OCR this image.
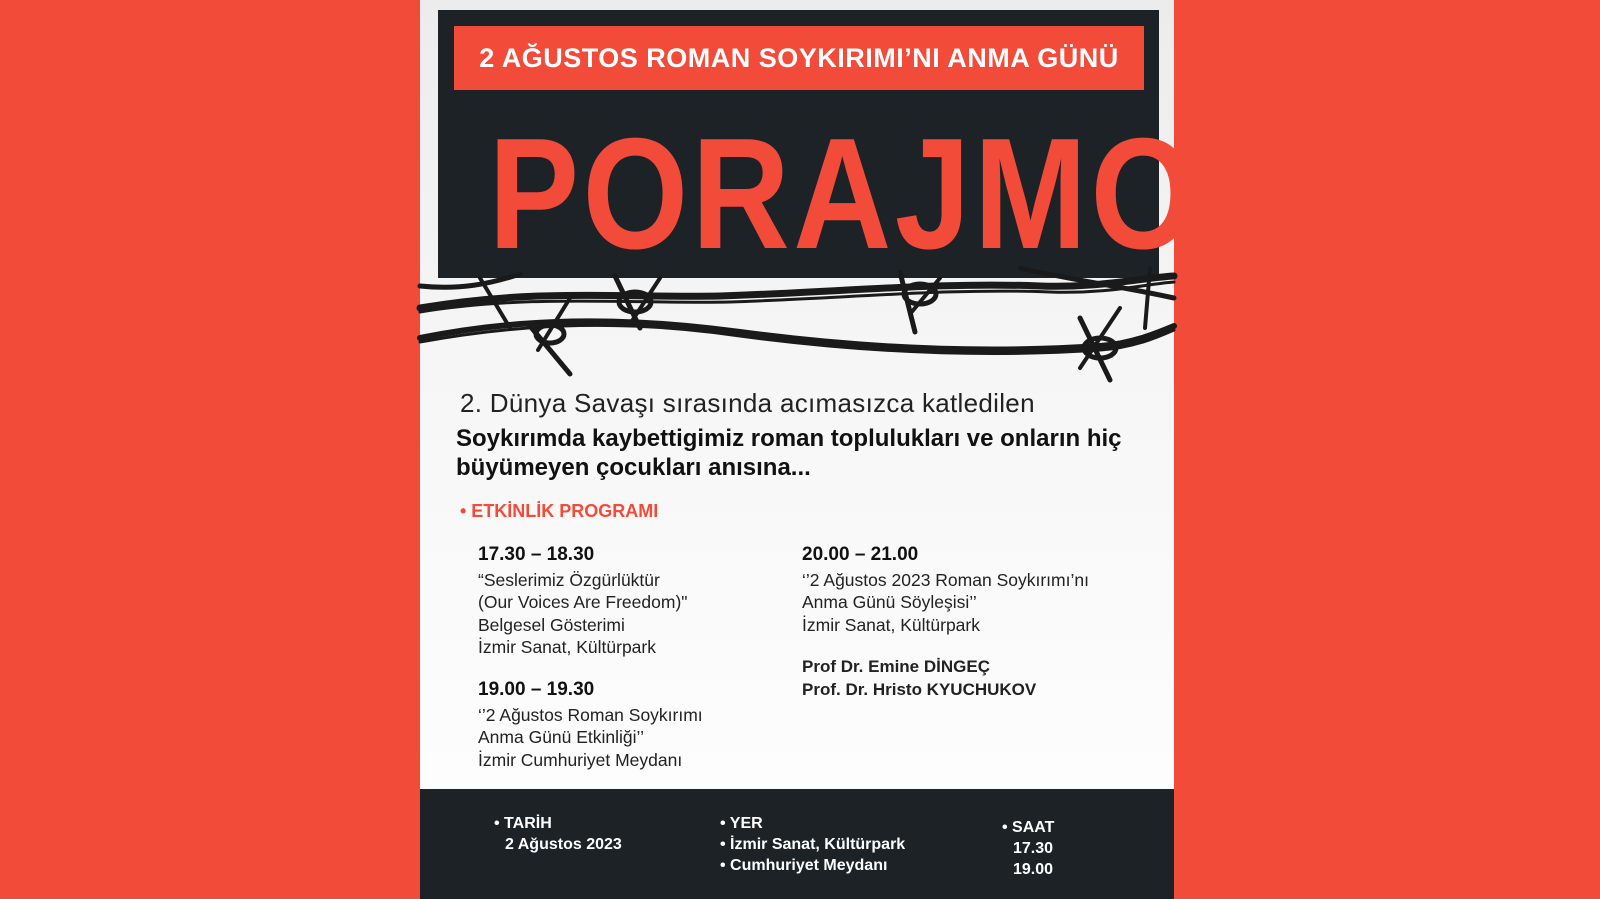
2 AĞUSTOS ROMAN SOYKIRIMI’NI ANMA GÜNÜ
PORAJMOS
2. Dünya Savaşı sırasında acımasızca katledilen
Soykırımda kaybettigimiz roman toplulukları ve onların hiç büyümeyen çocukları anısına...
• ETKİNLİK PROGRAMI
17.30 – 18.30
“Seslerimiz Özgürlüktür
(Our Voices Are Freedom)"
Belgesel Gösterimi
İzmir Sanat, Kültürpark
19.00 – 19.30
‘’2 Ağustos Roman Soykırımı
Anma Günü Etkinliği’’
İzmir Cumhuriyet Meydanı
20.00 – 21.00
‘’2 Ağustos 2023 Roman Soykırımı’nı
Anma Günü Söyleşisi’’
İzmir Sanat, Kültürpark
Prof Dr. Emine DİNGEÇ
Prof. Dr. Hristo KYUCHUKOV
• TARİH
2 Ağustos 2023
• YER
• İzmir Sanat, Kültürpark
• Cumhuriyet Meydanı
• SAAT
17.30
19.00
